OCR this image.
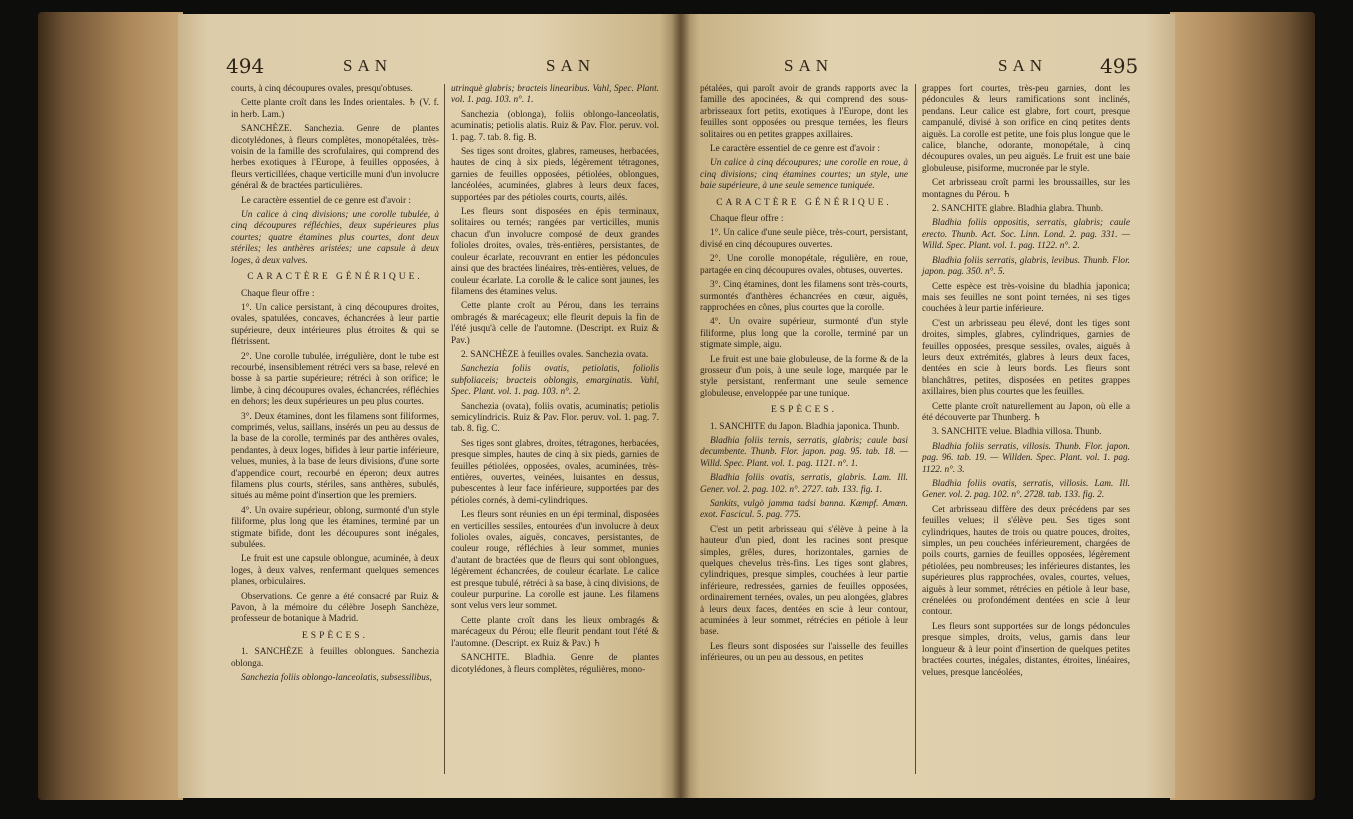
494	SAN	SAN

courts, à cinq découpures ovales, presqu'obtuses.

Cette plante croît dans les Indes orientales. ♄ (V. f. in herb. Lam.)

SANCHÈZE. Sanchezia. Genre de plantes dicotylédones, à fleurs complètes, monopétalées, très-voisin de la famille des scrofulaires, qui comprend des herbes exotiques à l'Europe, à feuilles opposées, à fleurs verticillées, chaque verticille muni d'un involucre général & de bractées particulières.

Le caractère essentiel de ce genre est d'avoir :

Un calice à cinq divisions; une corolle tubulée, à cinq découpures réfléchies, deux supérieures plus courtes; quatre étamines plus courtes, dont deux stériles; les anthères aristées; une capsule à deux loges, à deux valves.

CARACTÈRE GÉNÉRIQUE.

Chaque fleur offre :

1°. Un calice persistant, à cinq découpures droites, ovales, spatulées, concaves, échancrées à leur partie supérieure, deux intérieures plus étroites & qui se flétrissent.

2°. Une corolle tubulée, irrégulière, dont le tube est recourbé, insensiblement rétréci vers sa base, relevé en bosse à sa partie supérieure; rétréci à son orifice; le limbe, à cinq découpures ovales, échancrées, réfléchies en dehors; les deux supérieures un peu plus courtes.

3°. Deux étamines, dont les filamens sont filiformes, comprimés, velus, saillans, insérés un peu au dessus de la base de la corolle, terminés par des anthères ovales, pendantes, à deux loges, bifides à leur partie inférieure, velues, munies, à la base de leurs divisions, d'une sorte d'appendice court, recourbé en éperon; deux autres filamens plus courts, stériles, sans anthères, subulés, situés au même point d'insertion que les premiers.

4°. Un ovaire supérieur, oblong, surmonté d'un style filiforme, plus long que les étamines, terminé par un stigmate bifide, dont les découpures sont inégales, subulées.

Le fruit est une capsule oblongue, acuminée, à deux loges, à deux valves, renfermant quelques semences planes, orbiculaires.

Observations. Ce genre a été consacré par Ruiz & Pavon, à la mémoire du célèbre Joseph Sanchèze, professeur de botanique à Madrid.

ESPÈCES.

1. SANCHÈZE à feuilles oblongues. Sanchezia oblonga.

Sanchezia foliis oblongo-lanceolatis, subsessilibus,

utrinquè glabris; bracteis linearibus. Vahl, Spec. Plant. vol. 1. pag. 103. n°. 1.

Sanchezia (oblonga), foliis oblongo-lanceolatis, acuminatis; petiolis alatis. Ruiz & Pav. Flor. peruv. vol. 1. pag. 7. tab. 8. fig. B.

Ses tiges sont droites, glabres, rameuses, herbacées, hautes de cinq à six pieds, légèrement tétragones, garnies de feuilles opposées, pétiolées, oblongues, lancéolées, acuminées, glabres à leurs deux faces, supportées par des pétioles courts, courts, ailés.

Les fleurs sont disposées en épis terminaux, solitaires ou ternés; rangées par verticilles, munis chacun d'un involucre composé de deux grandes folioles droites, ovales, très-entières, persistantes, de couleur écarlate, recouvrant en entier les pédoncules ainsi que des bractées linéaires, très-entières, velues, de couleur écarlate. La corolle & le calice sont jaunes, les filamens des étamines velus.

Cette plante croît au Pérou, dans les terrains ombragés & marécageux; elle fleurit depuis la fin de l'été jusqu'à celle de l'automne. (Descript. ex Ruiz & Pav.)

2. SANCHÈZE à feuilles ovales. Sanchezia ovata.

Sanchezia foliis ovatis, petiolatis, foliolis subfoliaceis; bracteis oblongis, emarginatis. Vahl, Spec. Plant. vol. 1. pag. 103. n°. 2.

Sanchezia (ovata), foliis ovatis, acuminatis; petiolis semicylindricis. Ruiz & Pav. Flor. peruv. vol. 1. pag. 7. tab. 8. fig. C.

Ses tiges sont glabres, droites, tétragones, herbacées, presque simples, hautes de cinq à six pieds, garnies de feuilles pétiolées, opposées, ovales, acuminées, très-entières, ouvertes, veinées, luisantes en dessus, pubescentes à leur face inférieure, supportées par des pétioles cornés, à demi-cylindriques.

Les fleurs sont réunies en un épi terminal, disposées en verticilles sessiles, entourées d'un involucre à deux folioles ovales, aiguës, concaves, persistantes, de couleur rouge, réfléchies à leur sommet, munies d'autant de bractées que de fleurs qui sont oblongues, légèrement échancrées, de couleur écarlate. Le calice est presque tubulé, rétréci à sa base, à cinq divisions, de couleur purpurine. La corolle est jaune. Les filamens sont velus vers leur sommet.

Cette plante croît dans les lieux ombragés & marécageux du Pérou; elle fleurit pendant tout l'été & l'automne. (Descript. ex Ruiz & Pav.) ♄

SANCHITE. Bladhia. Genre de plantes dicotylédones, à fleurs complètes, régulières, mono-

SAN	SAN	495

pétalées, qui paroît avoir de grands rapports avec la famille des apocinées, & qui comprend des sous-arbrisseaux fort petits, exotiques à l'Europe, dont les feuilles sont opposées ou presque ternées, les fleurs solitaires ou en petites grappes axillaires.

Le caractère essentiel de ce genre est d'avoir :

Un calice à cinq découpures; une corolle en roue, à cinq divisions; cinq étamines courtes; un style, une baie supérieure, à une seule semence tuniquée.

CARACTÈRE GÉNÉRIQUE.

Chaque fleur offre :

1°. Un calice d'une seule pièce, très-court, persistant, divisé en cinq découpures ouvertes.

2°. Une corolle monopétale, régulière, en roue, partagée en cinq découpures ovales, obtuses, ouvertes.

3°. Cinq étamines, dont les filamens sont très-courts, surmontés d'anthères échancrées en cœur, aiguës, rapprochées en cônes, plus courtes que la corolle.

4°. Un ovaire supérieur, surmonté d'un style filiforme, plus long que la corolle, terminé par un stigmate simple, aigu.

Le fruit est une baie globuleuse, de la forme & de la grosseur d'un pois, à une seule loge, marquée par le style persistant, renfermant une seule semence globuleuse, enveloppée par une tunique.

ESPÈCES.

1. SANCHITE du Japon. Bladhia japonica. Thunb.

Bladhia foliis ternis, serratis, glabris; caule basi decumbente. Thunb. Flor. japon. pag. 95. tab. 18. — Willd. Spec. Plant. vol. 1. pag. 1121. n°. 1.

Bladhia foliis ovatis, serratis, glabris. Lam. Ill. Gener. vol. 2. pag. 102. n°. 2727. tab. 133. fig. 1.

Sankits, vulgò jamma tadsi banna. Kæmpf. Amœn. exot. Fascicul. 5. pag. 775.

C'est un petit arbrisseau qui s'élève à peine à la hauteur d'un pied, dont les racines sont presque simples, grêles, dures, horizontales, garnies de quelques chevelus très-fins. Les tiges sont glabres, cylindriques, presque simples, couchées à leur partie inférieure, redressées, garnies de feuilles opposées, ordinairement ternées, ovales, un peu alongées, glabres à leurs deux faces, dentées en scie à leur contour, acuminées à leur sommet, rétrécies en pétiole à leur base.

Les fleurs sont disposées sur l'aisselle des feuilles inférieures, ou un peu au dessous, en petites

grappes fort courtes, très-peu garnies, dont les pédoncules & leurs ramifications sont inclinés, pendans. Leur calice est glabre, fort court, presque campanulé, divisé à son orifice en cinq petites dents aiguës. La corolle est petite, une fois plus longue que le calice, blanche, odorante, monopétale, à cinq découpures ovales, un peu aiguës. Le fruit est une baie globuleuse, pisiforme, mucronée par le style.

Cet arbrisseau croît parmi les broussailles, sur les montagnes du Pérou. ♄

2. SANCHITE glabre. Bladhia glabra. Thunb.

Bladhia foliis oppositis, serratis, glabris; caule erecto. Thunb. Act. Soc. Linn. Lond. 2. pag. 331. — Willd. Spec. Plant. vol. 1. pag. 1122. n°. 2.

Bladhia foliis serratis, glabris, levibus. Thunb. Flor. japon. pag. 350. n°. 5.

Cette espèce est très-voisine du bladhia japonica; mais ses feuilles ne sont point ternées, ni ses tiges couchées à leur partie inférieure.

C'est un arbrisseau peu élevé, dont les tiges sont droites, simples, glabres, cylindriques, garnies de feuilles opposées, presque sessiles, ovales, aiguës à leurs deux extrémités, glabres à leurs deux faces, dentées en scie à leurs bords. Les fleurs sont blanchâtres, petites, disposées en petites grappes axillaires, bien plus courtes que les feuilles.

Cette plante croît naturellement au Japon, où elle a été découverte par Thunberg. ♄

3. SANCHITE velue. Bladhia villosa. Thunb.

Bladhia foliis serratis, villosis. Thunb. Flor. japon. pag. 96. tab. 19. — Willden. Spec. Plant. vol. 1. pag. 1122. n°. 3.

Bladhia foliis ovatis, serratis, villosis. Lam. Ill. Gener. vol. 2. pag. 102. n°. 2728. tab. 133. fig. 2.

Cet arbrisseau diffère des deux précédens par ses feuilles velues; il s'élève peu. Ses tiges sont cylindriques, hautes de trois ou quatre pouces, droites, simples, un peu couchées inférieurement, chargées de poils courts, garnies de feuilles opposées, légèrement pétiolées, peu nombreuses; les inférieures distantes, les supérieures plus rapprochées, ovales, courtes, velues, aiguës à leur sommet, rétrécies en pétiole à leur base, crénelées ou profondément dentées en scie à leur contour.

Les fleurs sont supportées sur de longs pédoncules presque simples, droits, velus, garnis dans leur longueur & à leur point d'insertion de quelques petites bractées courtes, inégales, distantes, étroites, linéaires, velues, presque lancéolées,
